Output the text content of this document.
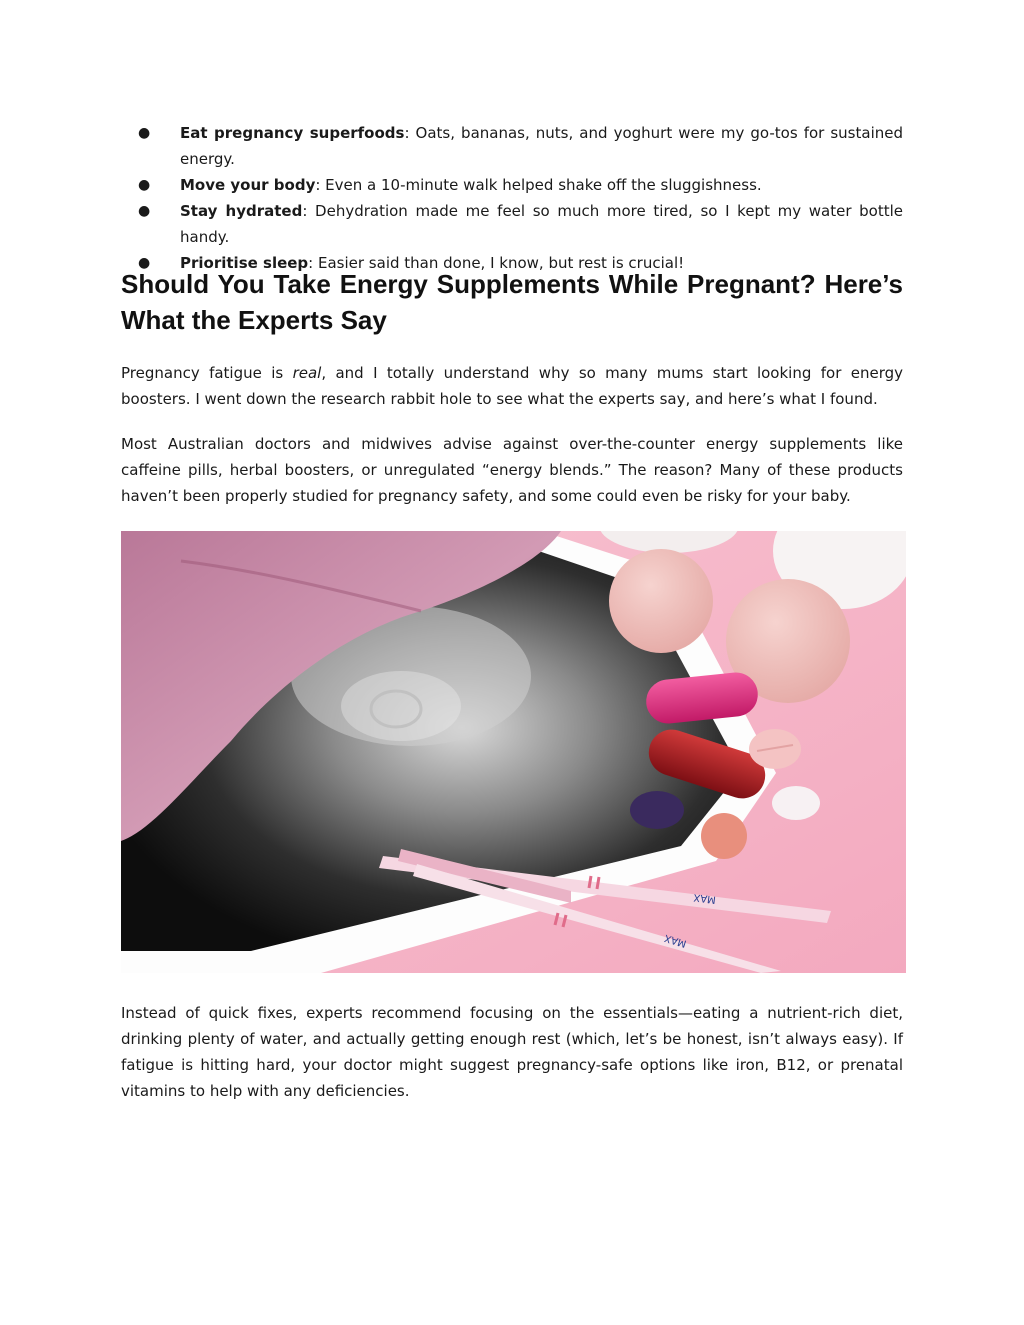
● Eat pregnancy superfoods: Oats, bananas, nuts, and yoghurt were my go-tos for sustained energy.
● Move your body: Even a 10-minute walk helped shake off the sluggishness.
● Stay hydrated: Dehydration made me feel so much more tired, so I kept my water bottle handy.
● Prioritise sleep: Easier said than done, I know, but rest is crucial!
Should You Take Energy Supplements While Pregnant? Here’s What the Experts Say

Pregnancy fatigue is real, and I totally understand why so many mums start looking for energy boosters. I went down the research rabbit hole to see what the experts say, and here’s what I found.

Most Australian doctors and midwives advise against over-the-counter energy supplements like caffeine pills, herbal boosters, or unregulated “energy blends.” The reason? Many of these products haven’t been properly studied for pregnancy safety, and some could even be risky for your baby.

MAX
MAX

Instead of quick fixes, experts recommend focusing on the essentials—eating a nutrient-rich diet, drinking plenty of water, and actually getting enough rest (which, let’s be honest, isn’t always easy). If fatigue is hitting hard, your doctor might suggest pregnancy-safe options like iron, B12, or prenatal vitamins to help with any deficiencies.
